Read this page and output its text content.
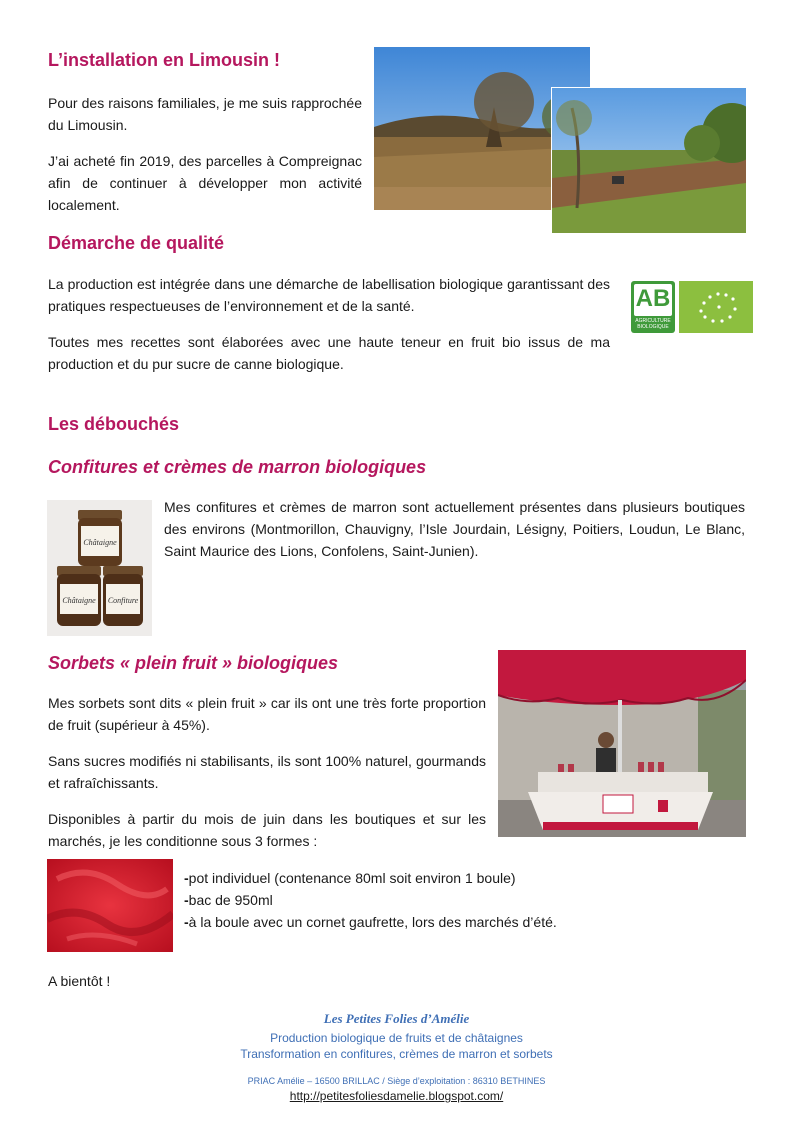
L’installation en Limousin !

Pour des raisons familiales, je me suis rapprochée du Limousin.

J’ai acheté fin 2019, des parcelles à Compreignac afin de continuer à développer mon activité localement.

Démarche de qualité

La production est intégrée dans une démarche de labellisation biologique garantissant des pratiques respectueuses de l’environnement et de la santé.

Toutes mes recettes sont élaborées avec une haute teneur en fruit bio issus de ma production et du pur sucre de canne biologique.

AB
AGRICULTURE BIOLOGIQUE
Les débouchés
Confitures et crèmes de marron biologiques
Châtaigne
Châtaigne Confiture

Mes confitures et crèmes de marron sont actuellement présentes dans plusieurs boutiques des environs (Montmorillon, Chauvigny, l’Isle Jourdain, Lésigny, Poitiers, Loudun, Le Blanc, Saint Maurice des Lions, Confolens, Saint-Junien).

Sorbets « plein fruit » biologiques

Mes sorbets sont dits « plein fruit » car ils ont une très forte proportion de fruit (supérieur à 45%).

Sans sucres modifiés ni stabilisants, ils sont 100% naturel, gourmands et rafraîchissants.

Disponibles à partir du mois de juin dans les boutiques et sur les marchés, je les conditionne sous 3 formes :

-pot individuel (contenance 80ml soit environ 1 boule)
-bac de 950ml
-à la boule avec un cornet gaufrette, lors des marchés d’été.
A bientôt !
Les Petites Folies d’Amélie
Production biologique de fruits et de châtaignes
Transformation en confitures, crèmes de marron et sorbets
PRIAC Amélie – 16500 BRILLAC / Siège d’exploitation : 86310 BETHINES
http://petitesfoliesdamelie.blogspot.com/
